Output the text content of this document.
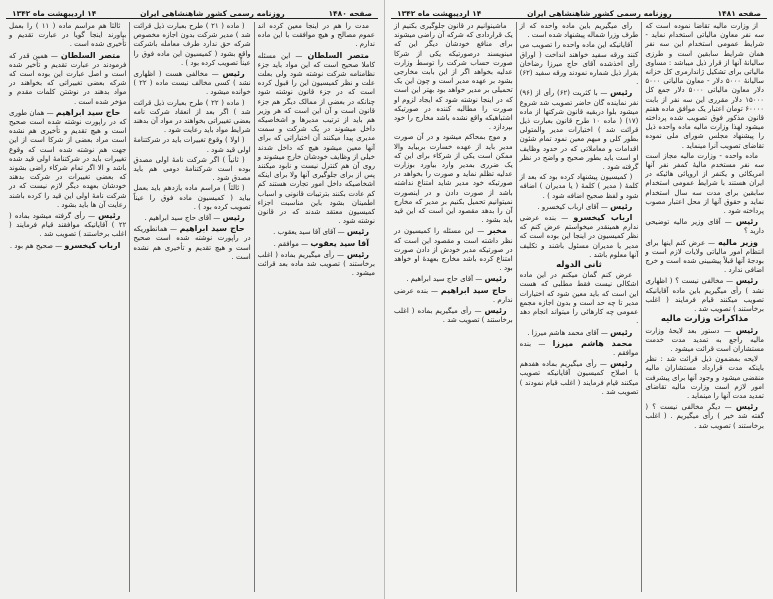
صفحه ۱۴۸۱
روزنامه رسمی کشور شاهنشاهی ایران
۱۴ اردیبهشت ماه ۱۳۴۲

از وزارت مالیه تقاضا نموده است که سه نفر معاون مالیاتی استخدام نماید - شرایط عمومی استخدام این سه نفر همان شرایط سابقین است و طرزی سالیانهٔ آنها از قرار ذیل میباشد : مساوی مالیاتی برای تشکیل ژاندارمری کل خزانه سالیانهٔ ۵۰۰۰ دلار - معاون مالیاتی ۵۰۰۰ دلار معاون مالیاتی ۵۰۰۰ دلار جمع کل ۱۵۰۰۰ دلار مقرری این سه نفر از بابت ۶۰۰۰۰ تومان اعتبار یک موافق ماده هفتم قانون مذکور فوق تصویب شده پرداخته میشود لهذا وزارت مالیه ماده واحده ذیل را پیشنهاد مجلس شورای ملی نموده تقاضای تصویب آنرا مینماید .

ماده واحده - وزارت مالیه مجاز است سه نفر مستخدم مالیهٔ کمفر نفر آنها امریکائی و یکنفر از اروپائی هائیکه در ایران هستند با شرایط عمومی استخدام سابقین برای مدت سه سال استخدام نماید و حقوق آنها از محل اعتبار مصوب پرداخته شود .

رئیس — آقای وزیر مالیه توضیحی دارید ؟

وزیر مالیه — عرض کنم اینها برای انتظام امور مالیاتی ولایات لازم است و بودجهٔ آنها قبلاً پیشبینی شده است و خرج اضافی ندارد .

رئیس — مخالفی نیست ؟ ( اظهاری نشد ) رأی میگیریم باین ماده آقایانیکه تصویب میکنند قیام فرمایند ( اغلب برخاستند ) تصویب شد .

مذاکرات وزارت مالیه

رئیس — دستور بعد لایحهٔ وزارت مالیه راجع به تمدید مدت خدمت مستشاران است قرائت میشود .

لایحه بمضمون ذیل قرائت شد : نظر باینکه مدت قرارداد مستشاران مالیه منقضی میشود و وجود آنها برای پیشرفت امور لازم است وزارت مالیه تقاضای تمدید مدت آنها را مینماید .

رئیس — دیگر مخالفی نیست ؟ ( گفته شد خیر ) رأی میگیریم . ( اغلب برخاستند ) تصویب شد .

رأی میگیریم باین ماده واحده که از طرف وزرا شماله پیشنهاد شده است .

آقایانیکه این ماده واحده را تصویب می کنند ورقه سفید خواهند انداخت ( اوراق رأی اخذشده آقای حاج میرزا رضاخان بقرار ذیل شماره نمودند ورقه سفید (۶۲) .

رئیس — با کثریت (۶۲) رأی از (۹۶) نفر نماینده گان حاضر تصویب شد شروع میشود بلوا دربقیه قانون شرکتها از ماده (۱۷) ( ماده ۱۰ طرح قانون بعبارت ذیل قرائت شد ) اختیارات مدیر والمتولی بطور کلی و مبهم معین نمود تمام شئون اقدامات و معاملاتی که در حدود وظایف او است باید بطور صحیح و واضح در نظر گرفته شود .

( کمیسیون پیشنهاد کرده بود که بعد از کلمهٔ ( مدیر ) کلمهٔ ( یا مدیران ) اضافه شود و لفظ صحیح اضافه شود ) .

رئیس — آقای ارباب کیخسرو .

ارباب کیخسرو — بنده عرضی ندارم همینقدر میخواستم عرض کنم که نظر کمیسیون در اینجا این بوده است که مدیر یا مدیران مسئول باشند و تکلیف آنها معلوم باشد .

ثانی الدوله

عرض کنم گمان میکنم در این ماده اشکالی نیست فقط مطلبی که هست این است که باید معین شود که اختیارات مدیر تا چه حد است و بدون اجازه مجمع عمومی چه کارهائی را میتواند انجام دهد .

رئیس — آقای محمد هاشم میرزا .

محمد هاشم میرزا — بنده موافقم .

رئیس — رأی میگیریم بماده هفدهم با اصلاح کمیسیون آقایانیکه تصویب میکنند قیام فرمایند ( اغلب قیام نمودند ) تصویب شد .

ماشینوانیم در قانون جلوگیری بکنیم از یک قراردادی که شرکه آن راضی میشوند برای منافع خودشان دیگر این که مینویسند درصورتیکه یکی از شرکا صورت حساب شرکت را توسط وزارت عدلیه بخواهد اگر از این بابت مخارجی بشود بر عهده مدیر است و چون این یک تحمیلی بر مدیر خواهد بود بهتر این است که در اینجا نوشته شود که ایجاد لزوم او صورت را مطالبه کننده در صورتیکه اشتباهیکه واقع نشده باشد مخارج را خود بپردازد .

و موج بمحاکم میشود و در آن صورت مدیر باید از عهده خسارت بربیاید والا ممکن است یکی از شرکاء برای این که یک ضرری بمدیر وارد بیاورد بوزارت عدلیه تظلم نماید و صورت را بخواهد در صورتیکه خود مدیر شاید امتناع نداشته باشد از صورت دادن و در اینصورت نمیتوانیم تحمیل بکنیم بر مدیر که مخارج آن را بدهد مقصود این است که این قید باید بشود .

مخبر — این مسئله را کمیسیون در نظر داشته است و مقصود این است که در صورتیکه مدیر خودش از دادن صورت امتناع کرده باشد مخارج بعهدهٔ او خواهد بود .

رئیس — آقای حاج سید ابراهیم .

حاج سید ابراهیم — بنده عرضی ندارم .

رئیس — رأی میگیریم بماده ( اغلب برخاستند ) تصویب شد .

صفحه ۱۴۸۰
روزنامه رسمی کشور شاهنشاهی ایران
۱۴ اردیبهشت ماه ۱۳۴۲

مدت را هم در اینجا معین کرده اند عموم مصالح و هیچ موافقت با این ماده ندارم .

متصر السلطان — این مسئله کاملا صحیح است که این مواد باید جزء نظامنامه شرکت نوشته شود ولی بعلت علت و نظر کمیسیون این را قبول کرده است که در جزء قانون نوشته شود چنانکه در بعضی از ممالک دیگر هم جزء قانون است و آن این است که هر وزیر هم باید از ترتیب مدیرها و اشخاصیکه داخل میشوند در یک شرکت و سمت مدیری پیدا میکنند آن اختیاراتی که برای آنها معین میشود هیچ که داخل شدند خیلی از وظایف خودشان خارج میشوند و روی آن هم کنترل نیست و نابود میکنند پس از برای جلوگیری آنها ولا برای اینکه اشخاصیکه داخل امور تجارت هستند کم کم عادت بکنند بترتیبات قانونی و اسباب اطمینان بشود باین مناسبت اجزاء کمیسیون معتقد شدند که در قانون نوشته شود .

رئیس — آقای آقا سید یعقوب .

آقا سید یعقوب — موافقم .

رئیس — رأی میگیریم بماده ( اغلب برخاستند ) تصویب شد ماده بعد قرائت میشود .

( ماده ( ۲۱ ) طرح بعبارت ذیل قرائت شد ) مدیر شرکت بدون اجازه مخصوص شرکه حق ندارد طرف معامله باشرکت واقع بشود ( کمیسیون این ماده فوق را عیناً تصویب کرده بود ) .

رئیس — مخالفی هست ( اظهاری نشد ) کسی مخالف نیست ماده ( ۲۲ ) خوانده میشود .

( ماده ( ۲۲ ) طرح بعبارت ذیل قرائت شد ) اگر بعد از انعقاد شرکت نامه بعضی تغییراتی بخواهند در مواد آن بدهند شرایط مواد باید رعایت شود .

( اولا ) وقوع تغییرات باید در شرکتنامهٔ اولی قید شود .

( ثانیاً ) اگر شرکت نامهٔ اولی مصدق بوده است شرکتنامهٔ دومی هم باید مصدق شود .

( ثالثاً ) مراسم ماده یازدهم باید بعمل بیاید ( کمیسیون ماده فوق را عیناً تصویب کرده بود ) .

رئیس — آقای حاج سید ابراهیم .

حاج سید ابراهیم — همانطوریکه در راپورت نوشته شده است صحیح است و هیچ تقدیم و تأخیری هم نشده است .

ثالثاً هم مراسم ماده ( ۱۱ ) را بعمل بیاورند اینجا گویا در عبارت تقدیم و تأخیری شده است .

متصر السلطان — همین قدر که فرمودند در عبارت تقدیم و تأخیر شده است و اصل عبارت این بوده است که شرکه بعضی تغییراتی که بخواهند در مواد بدهند در نوشتن کلمات مقدم و مؤخر شده است .

حاج سید ابراهیم — همان طوری که در راپورت نوشته شده است صحیح است و هیچ تقدیم و تأخیری هم نشده است مراد بعضی از شرکا است از این جهت هم نوشته شده است که وقوع تغییرات باید در شرکتنامهٔ اولی قید شده باشد و الا اگر تمام شرکاء راضی بشوند که بعضی تغییرات در شرکت بدهند خودشان بعهده دیگر لازم نیست که در شرکت نامهٔ اولی این قید را کرده باشند رعایت آن ها باید بشود .

رئیس — رأی گرفته میشود بماده ( ۲۲ ) آقایانیکه موافقند قیام فرمایند ( اغلب برخاستند ) تصویب شد .

ارباب کیخسرو — صحیح هم بود .
